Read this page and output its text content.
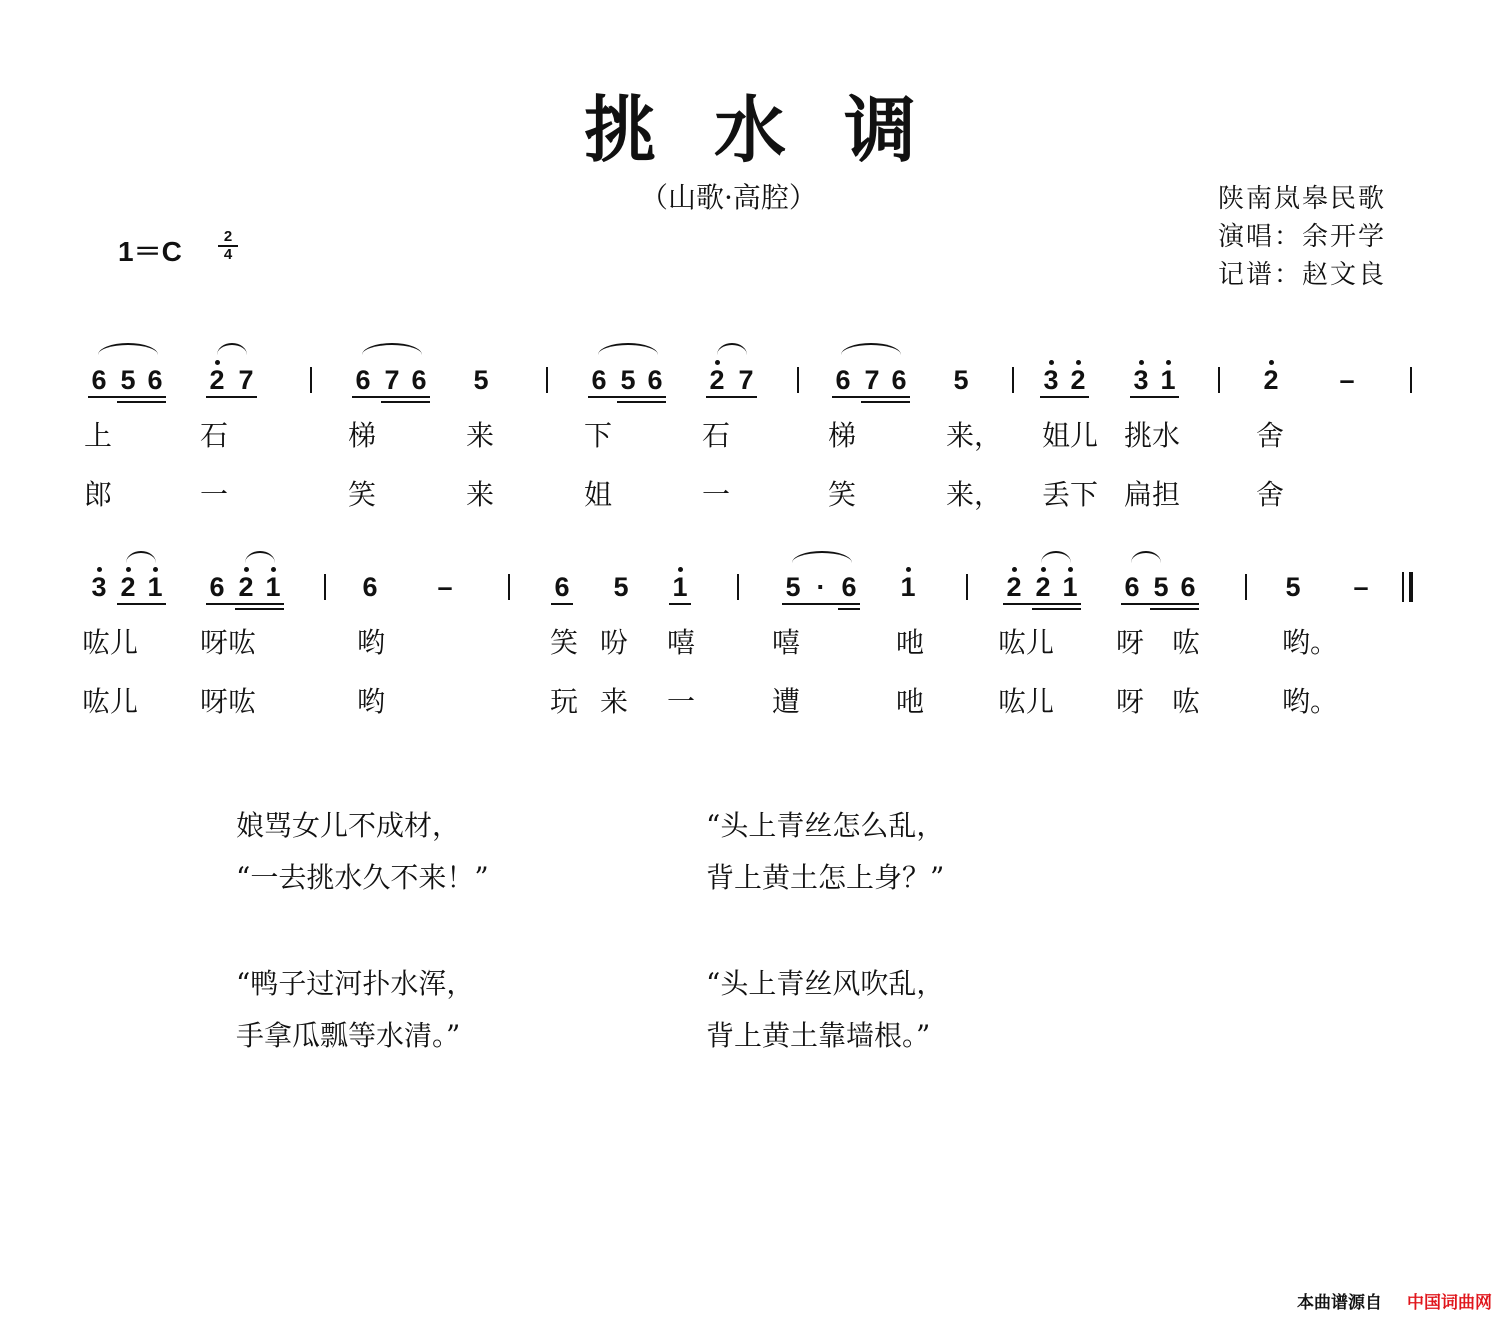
挑水调
（山歌·高腔）
1＝C	2
4
陕南岚皋民歌
演唱：余开学
记谱：赵文良
6 5 6 2 7	6 7 6 5	6 5 6 2 7	6 7 6 5	3 2 3 1	2 –
上	石	梯	来	下	石	梯	来， 姐儿 挑水	舍
郎	一	笑	来	姐	一	笑	来， 丢下 扁担	舍
3 2 1 6 2 1	6 –	6 5 1	5 · 6 1	2 2 1 6 5 6	5 –
吰儿 呀吰	哟	笑 吩 嘻	嘻	吔	吰儿 呀 吰	哟。
吰儿 呀吰	哟	玩 来 一	遭	吔	吰儿 呀 吰	哟。
娘骂女儿不成材，
“一去挑水久不来！”
“鸭子过河扑水浑，
手拿瓜瓢等水清。”
“头上青丝怎么乱，
背上黄土怎上身？”
“头上青丝风吹乱，
背上黄土靠墙根。”
本曲谱源自 中国词曲网
